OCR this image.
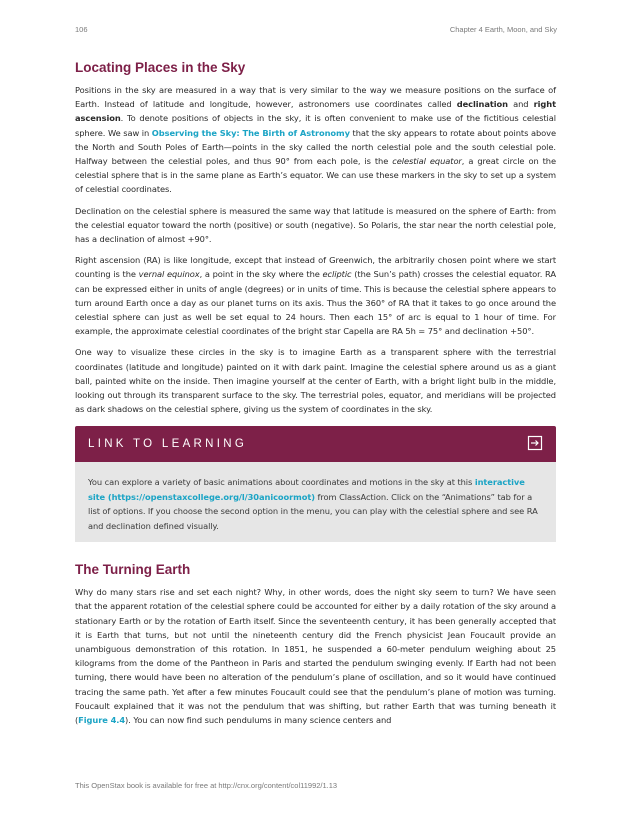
106	Chapter 4 Earth, Moon, and Sky
Locating Places in the Sky

Positions in the sky are measured in a way that is very similar to the way we measure positions on the surface of Earth. Instead of latitude and longitude, however, astronomers use coordinates called declination and right ascension. To denote positions of objects in the sky, it is often convenient to make use of the fictitious celestial sphere. We saw in Observing the Sky: The Birth of Astronomy that the sky appears to rotate about points above the North and South Poles of Earth—points in the sky called the north celestial pole and the south celestial pole. Halfway between the celestial poles, and thus 90° from each pole, is the celestial equator, a great circle on the celestial sphere that is in the same plane as Earth’s equator. We can use these markers in the sky to set up a system of celestial coordinates.

Declination on the celestial sphere is measured the same way that latitude is measured on the sphere of Earth: from the celestial equator toward the north (positive) or south (negative). So Polaris, the star near the north celestial pole, has a declination of almost +90°.

Right ascension (RA) is like longitude, except that instead of Greenwich, the arbitrarily chosen point where we start counting is the vernal equinox, a point in the sky where the ecliptic (the Sun’s path) crosses the celestial equator. RA can be expressed either in units of angle (degrees) or in units of time. This is because the celestial sphere appears to turn around Earth once a day as our planet turns on its axis. Thus the 360° of RA that it takes to go once around the celestial sphere can just as well be set equal to 24 hours. Then each 15° of arc is equal to 1 hour of time. For example, the approximate celestial coordinates of the bright star Capella are RA 5h = 75° and declination +50°.

One way to visualize these circles in the sky is to imagine Earth as a transparent sphere with the terrestrial coordinates (latitude and longitude) painted on it with dark paint. Imagine the celestial sphere around us as a giant ball, painted white on the inside. Then imagine yourself at the center of Earth, with a bright light bulb in the middle, looking out through its transparent surface to the sky. The terrestrial poles, equator, and meridians will be projected as dark shadows on the celestial sphere, giving us the system of coordinates in the sky.

LINK TO LEARNING

You can explore a variety of basic animations about coordinates and motions in the sky at this interactive site (https://openstaxcollege.org/l/30anicoormot) from ClassAction. Click on the “Animations” tab for a list of options. If you choose the second option in the menu, you can play with the celestial sphere and see RA and declination defined visually.

The Turning Earth

Why do many stars rise and set each night? Why, in other words, does the night sky seem to turn? We have seen that the apparent rotation of the celestial sphere could be accounted for either by a daily rotation of the sky around a stationary Earth or by the rotation of Earth itself. Since the seventeenth century, it has been generally accepted that it is Earth that turns, but not until the nineteenth century did the French physicist Jean Foucault provide an unambiguous demonstration of this rotation. In 1851, he suspended a 60-meter pendulum weighing about 25 kilograms from the dome of the Pantheon in Paris and started the pendulum swinging evenly. If Earth had not been turning, there would have been no alteration of the pendulum’s plane of oscillation, and so it would have continued tracing the same path. Yet after a few minutes Foucault could see that the pendulum’s plane of motion was turning. Foucault explained that it was not the pendulum that was shifting, but rather Earth that was turning beneath it (Figure 4.4). You can now find such pendulums in many science centers and

This OpenStax book is available for free at http://cnx.org/content/col11992/1.13
